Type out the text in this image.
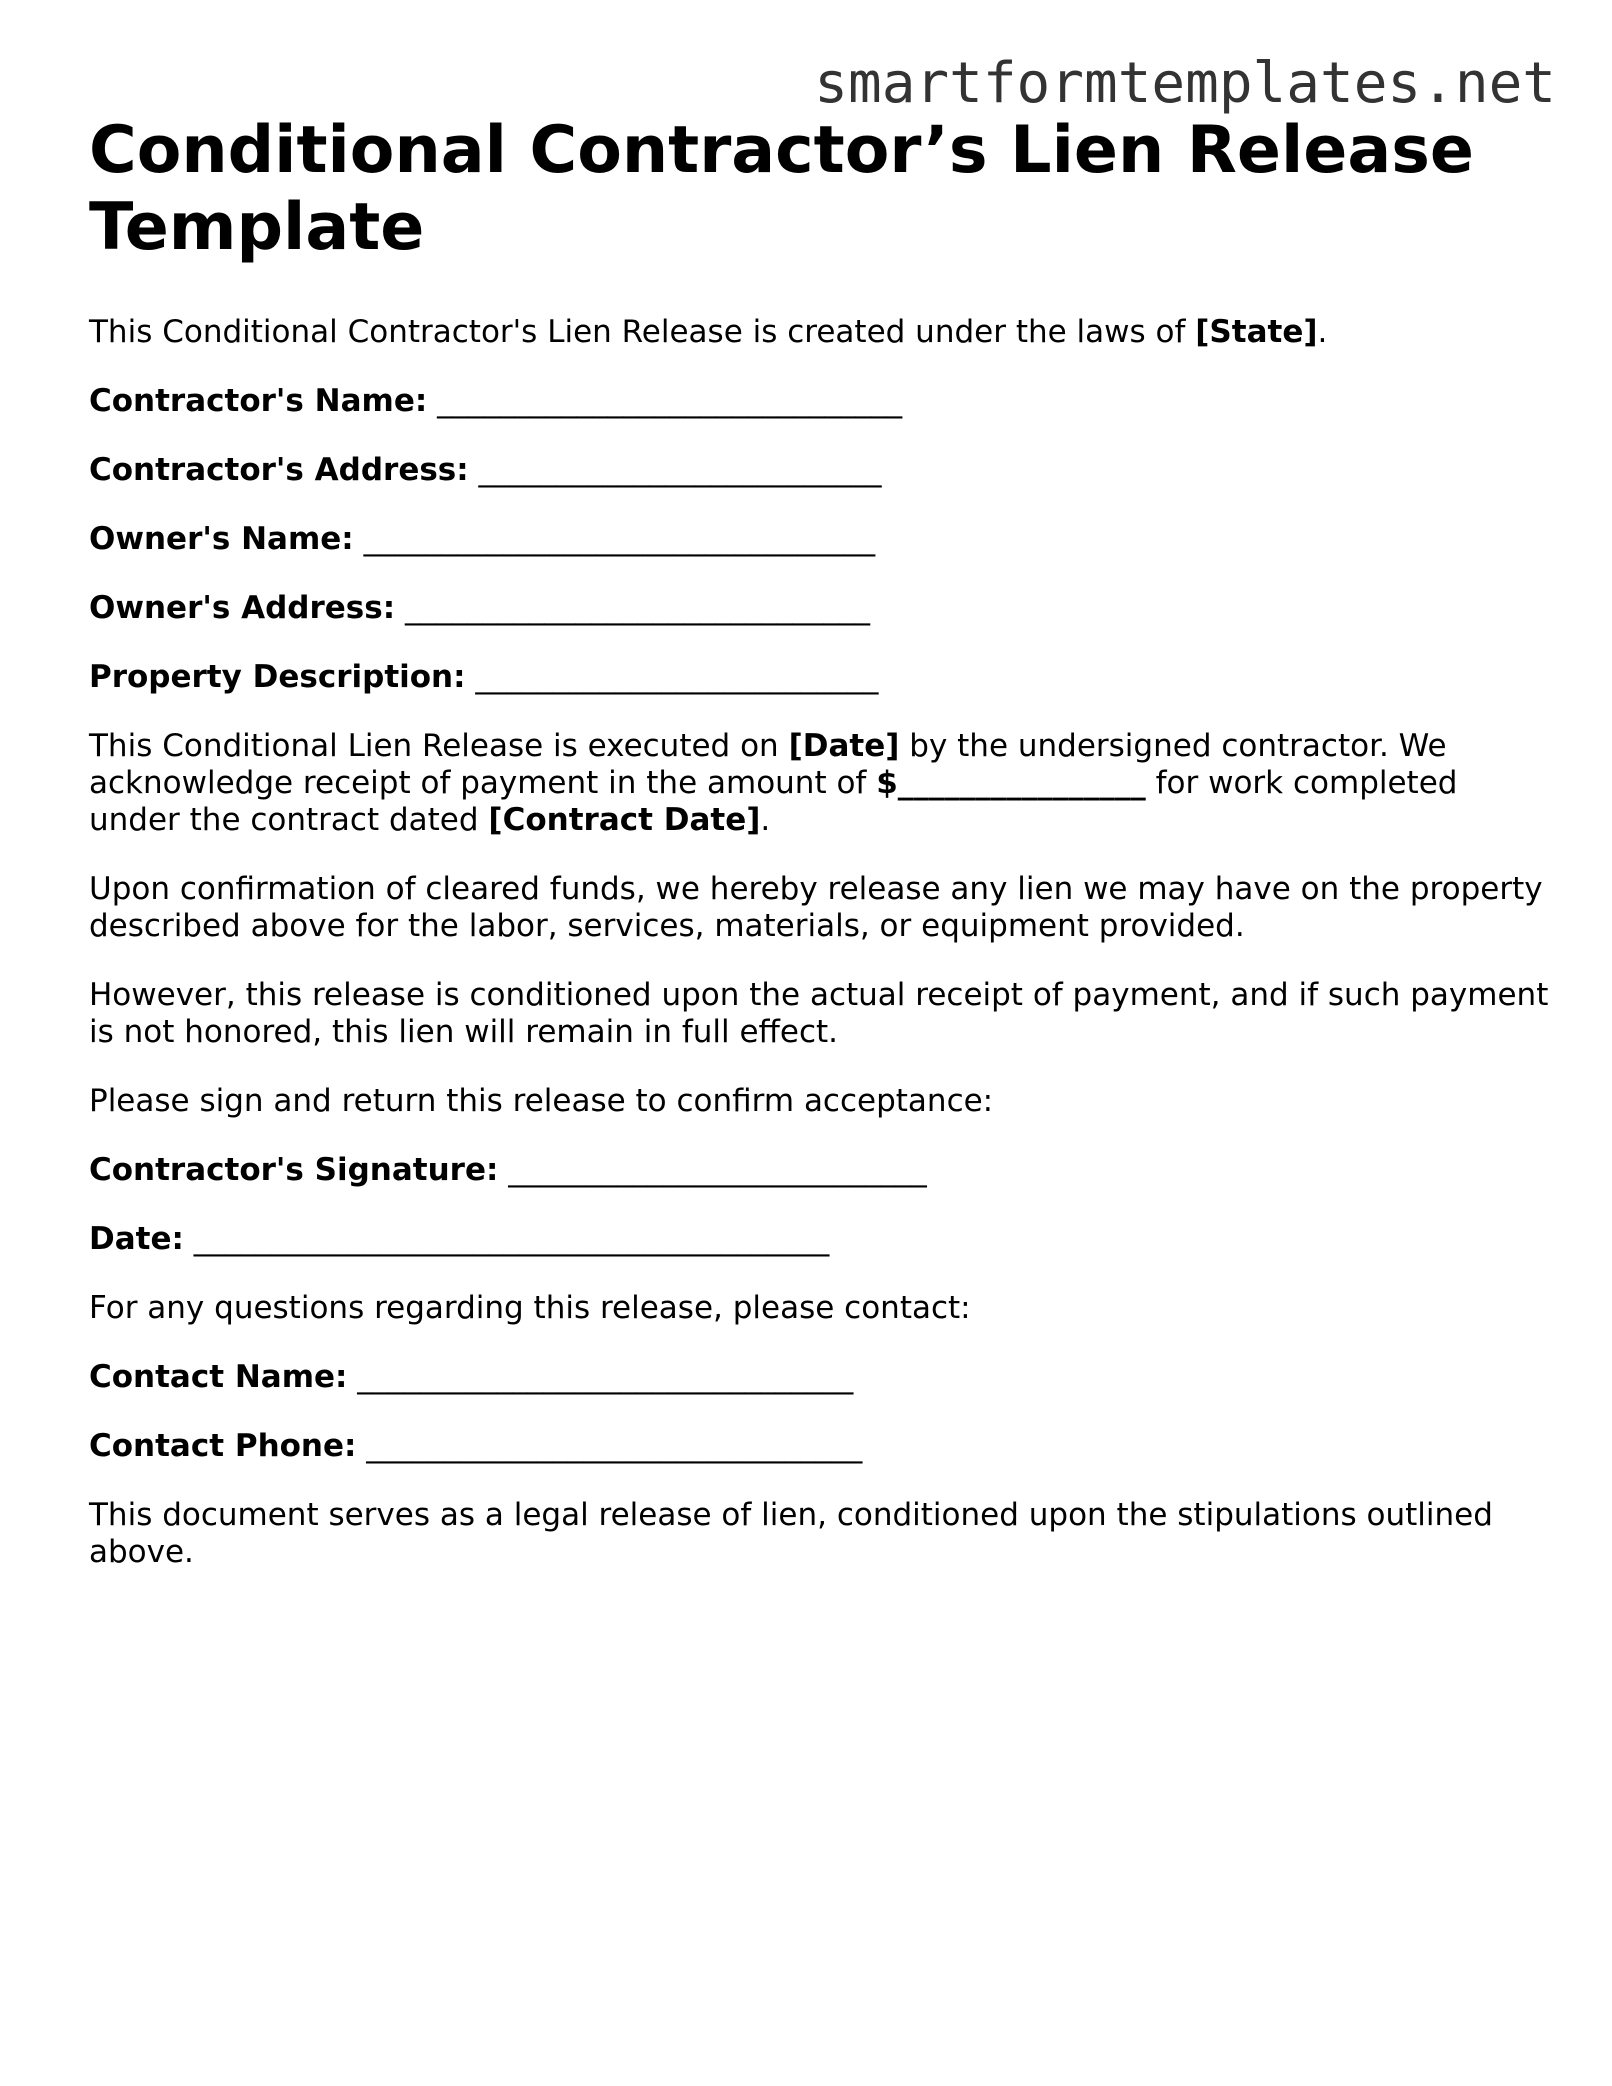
smartformtemplates.net
Conditional Contractor’s Lien Release
Template

This Conditional Contractor's Lien Release is created under the laws of [State].

Contractor's Name: ______________________________

Contractor's Address: __________________________

Owner's Name: _________________________________

Owner's Address: ______________________________

Property Description: __________________________

This Conditional Lien Release is executed on [Date] by the undersigned contractor. We acknowledge receipt of payment in the amount of $________________ for work completed under the contract dated [Contract Date].

Upon confirmation of cleared funds, we hereby release any lien we may have on the property described above for the labor, services, materials, or equipment provided.

However, this release is conditioned upon the actual receipt of payment, and if such payment is not honored, this lien will remain in full effect.

Please sign and return this release to confirm acceptance:

Contractor's Signature: ___________________________

Date: _________________________________________

For any questions regarding this release, please contact:

Contact Name: ________________________________

Contact Phone: ________________________________

This document serves as a legal release of lien, conditioned upon the stipulations outlined above.
